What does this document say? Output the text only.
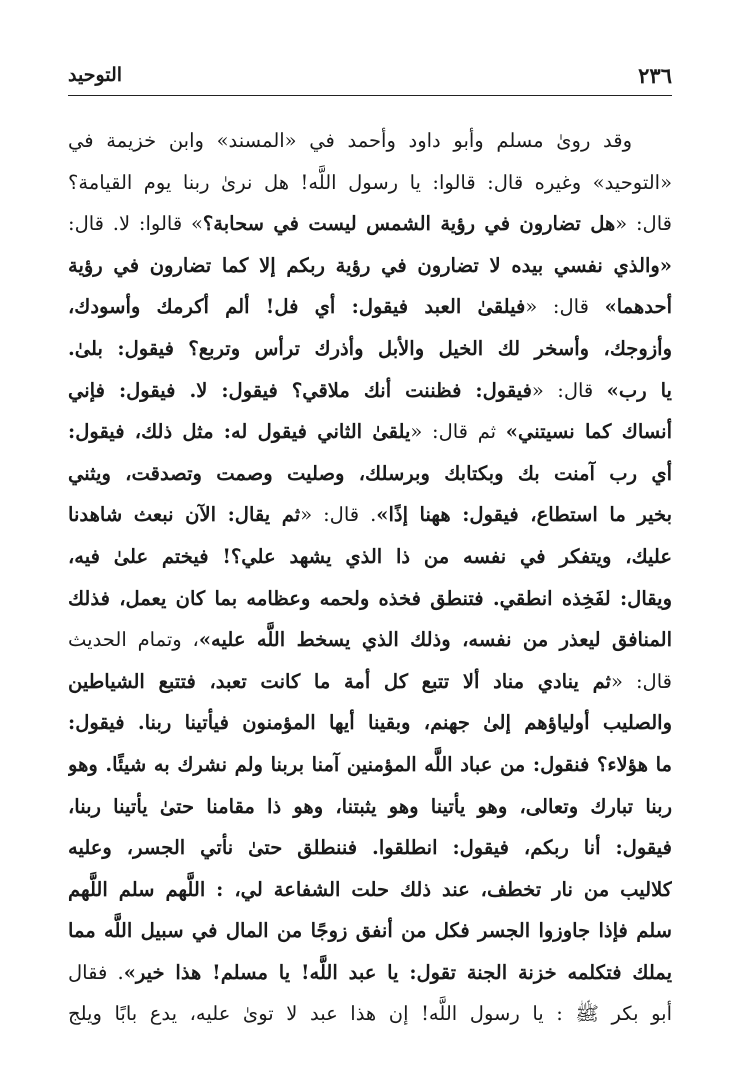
٢٣٦
التوحيد
وقد روىٰ مسلم وأبو داود وأحمد في «المسند» وابن خزيمة في
«التوحيد» وغيره قال: قالوا: يا رسول اللَّه! هل نرىٰ ربنا يوم القيامة؟
قال: «هل تضارون في رؤية الشمس ليست في سحابة؟» قالوا: لا. قال:
«والذي نفسي بيده لا تضارون في رؤية ربكم إلا كما تضارون في رؤية
أحدهما» قال: «فيلقىٰ العبد فيقول: أي فل! ألم أكرمك وأسودك،
وأزوجك، وأسخر لك الخيل والأبل وأذرك ترأس وتربع؟ فيقول: بلىٰ.
يا رب» قال: «فيقول: فظننت أنك ملاقي؟ فيقول: لا. فيقول: فإني
أنساك كما نسيتني» ثم قال: «يلقىٰ الثاني فيقول له: مثل ذلك، فيقول:
أي رب آمنت بك وبكتابك وبرسلك، وصليت وصمت وتصدقت، ويثني
بخير ما استطاع، فيقول: ههنا إذًا». قال: «ثم يقال: الآن نبعث شاهدنا
عليك، ويتفكر في نفسه من ذا الذي يشهد علي؟! فيختم علىٰ فيه،
ويقال: لفَخِذه انطقي. فتنطق فخذه ولحمه وعظامه بما كان يعمل، فذلك
المنافق ليعذر من نفسه، وذلك الذي يسخط اللَّه عليه»، وتمام الحديث
قال: «ثم ينادي مناد ألا تتبع كل أمة ما كانت تعبد، فتتبع الشياطين
والصليب أولياؤهم إلىٰ جهنم، وبقينا أيها المؤمنون فيأتينا ربنا. فيقول:
ما هؤلاء؟ فنقول: من عباد اللَّه المؤمنين آمنا بربنا ولم نشرك به شيئًا. وهو
ربنا تبارك وتعالى، وهو يأتينا وهو يثبتنا، وهو ذا مقامنا حتىٰ يأتينا ربنا،
فيقول: أنا ربكم، فيقول: انطلقوا. فننطلق حتىٰ نأتي الجسر، وعليه
كلاليب من نار تخطف، عند ذلك حلت الشفاعة لي، : اللَّهم سلم اللَّهم
سلم فإذا جاوزوا الجسر فكل من أنفق زوجًا من المال في سبيل اللَّه مما
يملك فتكلمه خزنة الجنة تقول: يا عبد اللَّه! يا مسلم! هذا خير». فقال
أبو بكر ﷺ : يا رسول اللَّه! إن هذا عبد لا توىٰ عليه، يدع بابًا ويلج
